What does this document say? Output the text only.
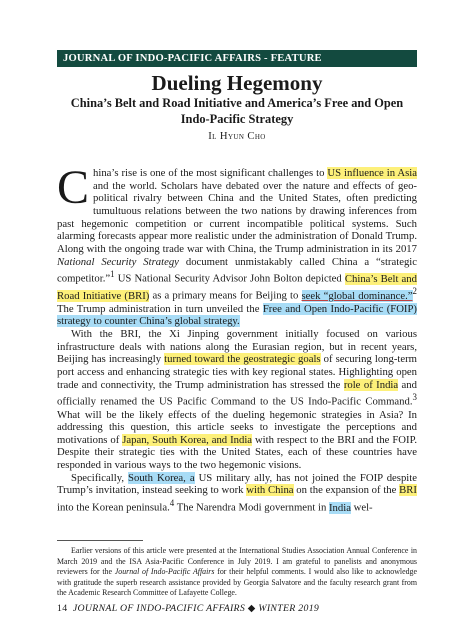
JOURNAL OF INDO-PACIFIC AFFAIRS - FEATURE
Dueling Hegemony
China’s Belt and Road Initiative and America’s Free and Open Indo-Pacific Strategy
Il Hyun Cho

China’s rise is one of the most significant challenges to US influence in Asia and the world. Scholars have debated over the nature and effects of geo-political rivalry between China and the United States, often predicting tumultuous relations between the two nations by drawing inferences from past hegemonic competition or current incompatible political systems. Such alarming forecasts appear more realistic under the administration of Donald Trump. Along with the ongoing trade war with China, the Trump administration in its 2017 National Security Strategy document unmistakably called China a “strategic competitor.”$^1$ US National Security Advisor John Bolton depicted China’s Belt and Road Initiative (BRI) as a primary means for Beijing to seek “global dominance.”$^2$ The Trump administration in turn unveiled the Free and Open Indo-Pacific (FOIP) strategy to counter China’s global strategy.

With the BRI, the Xi Jinping government initially focused on various infrastructure deals with nations along the Eurasian region, but in recent years, Beijing has increasingly turned toward the geostrategic goals of securing long-term port access and enhancing strategic ties with key regional states. Highlighting open trade and connectivity, the Trump administration has stressed the role of India and officially renamed the US Pacific Command to the US Indo-Pacific Command.$^3$ What will be the likely effects of the dueling hegemonic strategies in Asia? In addressing this question, this article seeks to investigate the perceptions and motivations of Japan, South Korea, and India with respect to the BRI and the FOIP. Despite their strategic ties with the United States, each of these countries have responded in various ways to the two hegemonic visions.

Specifically, South Korea, a US military ally, has not joined the FOIP despite Trump’s invitation, instead seeking to work with China on the expansion of the BRI into the Korean peninsula.$^4$ The Narendra Modi government in India wel-

Earlier versions of this article were presented at the International Studies Association Annual Conference in March 2019 and the ISA Asia-Pacific Conference in July 2019. I am grateful to panelists and anonymous reviewers for the Journal of Indo-Pacific Affairs for their helpful comments. I would also like to acknowledge with gratitude the superb research assistance provided by Georgia Salvatore and the faculty research grant from the Academic Research Committee of Lafayette College.
14 JOURNAL OF INDO-PACIFIC AFFAIRS ◆ WINTER 2019
